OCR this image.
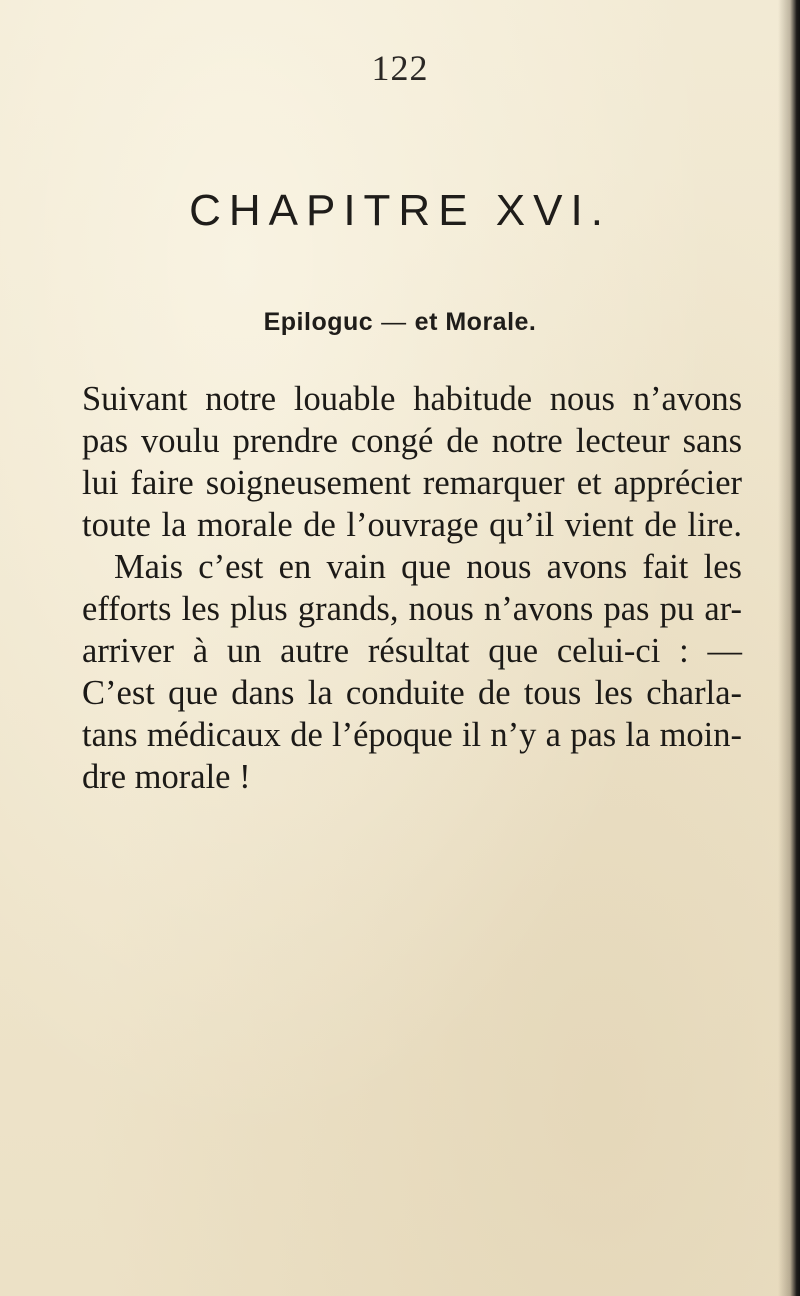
122
CHAPITRE XVI.
Epiloguc — et Morale.

Suivant notre louable habitude nous n’avons
pas voulu prendre congé de notre lecteur sans
lui faire soigneusement remarquer et apprécier
toute la morale de l’ouvrage qu’il vient de lire.
Mais c’est en vain que nous avons fait les
efforts les plus grands, nous n’avons pas pu ar-
arriver à un autre résultat que celui-ci : —
C’est que dans la conduite de tous les charla-
tans médicaux de l’époque il n’y a pas la moin-
dre morale !
